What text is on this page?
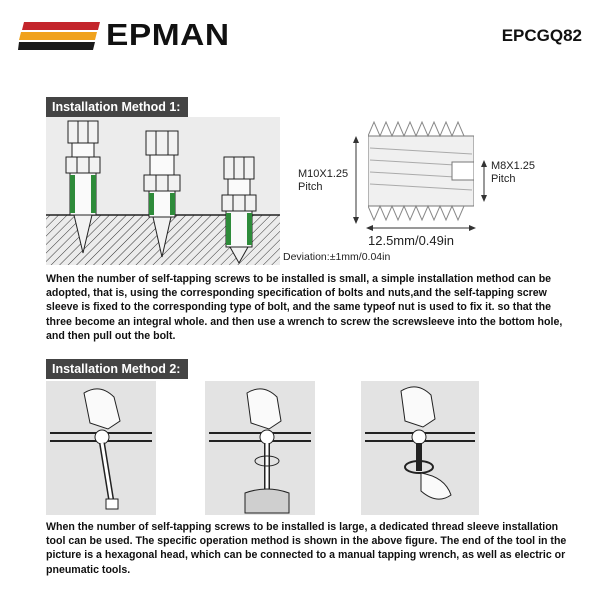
EPMAN	EPCGQ82
Installation Method 1:
M10X1.25
Pitch
M8X1.25
Pitch
12.5mm/0.49in
Deviation:±1mm/0.04in
When the number of self-tapping screws to be installed is small, a simple installation method can be adopted, that is, using the corresponding specification of bolts and nuts,and the self-tapping screw sleeve is fixed to the corresponding type of bolt, and the same typeof nut is used to fix it. so that the three become an integral whole. and then use a wrench to screw the screwsleeve into the bottom hole, and then pull out the bolt.
Installation Method 2:
When the number of self-tapping screws to be installed is large, a dedicated thread sleeve installation tool can be used. The specific operation method is shown in the above figure. The end of the tool in the picture is a hexagonal head, which can be connected to a manual tapping wrench, as well as electric or pneumatic tools.
